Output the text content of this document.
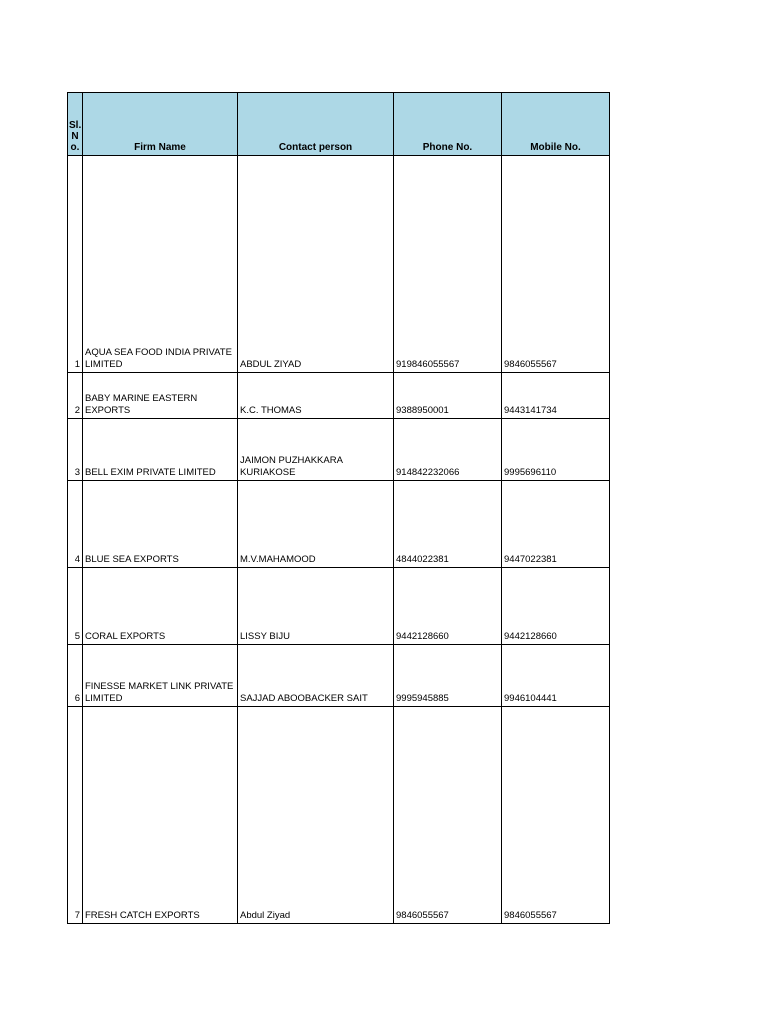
Sl. N o.	Firm Name	Contact person	Phone No.	Mobile No.
1	AQUA SEA FOOD INDIA PRIVATE LIMITED	ABDUL ZIYAD	919846055567	9846055567
2	BABY MARINE EASTERN EXPORTS	K.C. THOMAS	9388950001	9443141734
3	BELL EXIM PRIVATE LIMITED	JAIMON PUZHAKKARA KURIAKOSE	914842232066	9995696110
4	BLUE SEA EXPORTS	M.V.MAHAMOOD	4844022381	9447022381
5	CORAL EXPORTS	LISSY BIJU	9442128660	9442128660
6	FINESSE MARKET LINK PRIVATE LIMITED	SAJJAD ABOOBACKER SAIT	9995945885	9946104441
7	FRESH CATCH EXPORTS	Abdul Ziyad	9846055567	9846055567
